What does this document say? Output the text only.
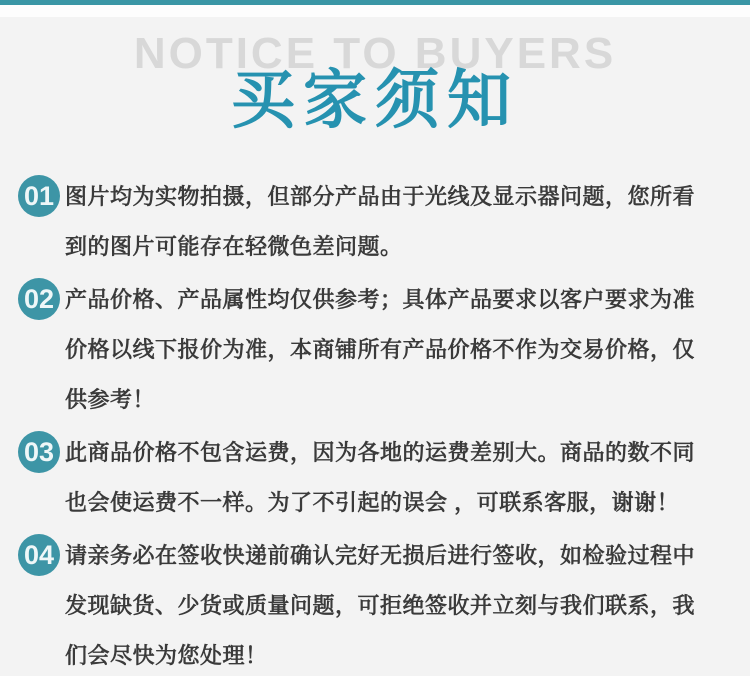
NOTICE TO BUYERS
买家须知
01 图片均为实物拍摄，但部分产品由于光线及显示器问题，您所看
到的图片可能存在轻微色差问题。
02 产品价格、产品属性均仅供参考；具体产品要求以客户要求为准
价格以线下报价为准，本商铺所有产品价格不作为交易价格，仅
供参考！
03 此商品价格不包含运费，因为各地的运费差别大。商品的数不同
也会使运费不一样。为了不引起的误会 ，可联系客服，谢谢！
04 请亲务必在签收快递前确认完好无损后进行签收，如检验过程中
发现缺货、少货或质量问题，可拒绝签收并立刻与我们联系，我
们会尽快为您处理！
